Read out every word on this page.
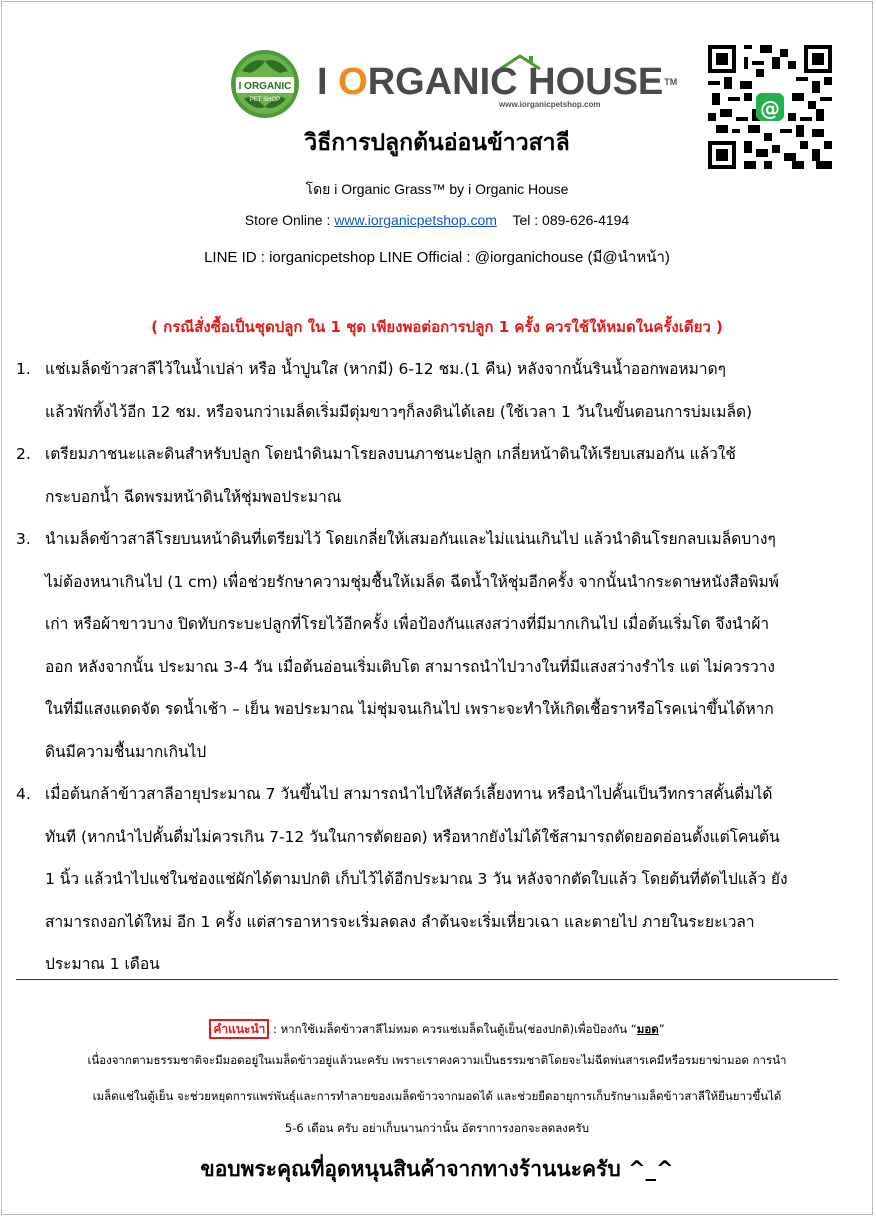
I ORGANIC
PET SHOP I ORGANIC HOUSE™
www.iorganicpetshop.com	@
วิธีการปลูกต้นอ่อนข้าวสาลี
โดย i Organic Grass™ by i Organic House
Store Online : www.iorganicpetshop.com Tel : 089-626-4194
LINE ID : iorganicpetshop LINE Official : @iorganichouse (มี@นำหน้า)
( กรณีสั่งซื้อเป็นชุดปลูก ใน 1 ชุด เพียงพอต่อการปลูก 1 ครั้ง ควรใช้ให้หมดในครั้งเดียว )
1. แช่เมล็ดข้าวสาลีไว้ในน้ำเปล่า หรือ น้ำปูนใส (หากมี) 6-12 ชม.(1 คืน) หลังจากนั้นรินน้ำออกพอหมาดๆ
แล้วพักทิ้งไว้อีก 12 ชม. หรือจนกว่าเมล็ดเริ่มมีตุ่มขาวๆก็ลงดินได้เลย (ใช้เวลา 1 วันในขั้นตอนการบ่มเมล็ด)
2. เตรียมภาชนะและดินสำหรับปลูก โดยนำดินมาโรยลงบนภาชนะปลูก เกลี่ยหน้าดินให้เรียบเสมอกัน แล้วใช้
กระบอกน้ำ ฉีดพรมหน้าดินให้ชุ่มพอประมาณ
3. นำเมล็ดข้าวสาลีโรยบนหน้าดินที่เตรียมไว้ โดยเกลี่ยให้เสมอกันและไม่แน่นเกินไป แล้วนำดินโรยกลบเมล็ดบางๆ
ไม่ต้องหนาเกินไป (1 cm) เพื่อช่วยรักษาความชุ่มชื้นให้เมล็ด ฉีดน้ำให้ชุ่มอีกครั้ง จากนั้นนำกระดาษหนังสือพิมพ์
เก่า หรือผ้าขาวบาง ปิดทับกระบะปลูกที่โรยไว้อีกครั้ง เพื่อป้องกันแสงสว่างที่มีมากเกินไป เมื่อต้นเริ่มโต จึงนำผ้า
ออก หลังจากนั้น ประมาณ 3-4 วัน เมื่อต้นอ่อนเริ่มเติบโต สามารถนำไปวางในที่มีแสงสว่างรำไร แต่ ไม่ควรวาง
ในที่มีแสงแดดจัด รดน้ำเช้า – เย็น พอประมาณ ไม่ชุ่มจนเกินไป เพราะจะทำให้เกิดเชื้อราหรือโรคเน่าขึ้นได้หาก
ดินมีความชื้นมากเกินไป
4. เมื่อต้นกล้าข้าวสาลีอายุประมาณ 7 วันขึ้นไป สามารถนำไปให้สัตว์เลี้ยงทาน หรือนำไปคั้นเป็นวีทกราสคั้นดื่มได้
ทันที (หากนำไปคั้นดื่มไม่ควรเกิน 7-12 วันในการตัดยอด) หรือหากยังไม่ได้ใช้สามารถตัดยอดอ่อนตั้งแต่โคนต้น
1 นิ้ว แล้วนำไปแช่ในช่องแช่ผักได้ตามปกติ เก็บไว้ได้อีกประมาณ 3 วัน หลังจากตัดใบแล้ว โดยต้นที่ตัดไปแล้ว ยัง
สามารถงอกได้ใหม่ อีก 1 ครั้ง แต่สารอาหารจะเริ่มลดลง ลำต้นจะเริ่มเหี่ยวเฉา และตายไป ภายในระยะเวลา
ประมาณ 1 เดือน
คำแนะนำ : หากใช้เมล็ดข้าวสาลีไม่หมด ควรแช่เมล็ดในตู้เย็น(ช่องปกติ)เพื่อป้องกัน “มอด”
เนื่องจากตามธรรมชาติจะมีมอดอยู่ในเมล็ดข้าวอยู่แล้วนะครับ เพราะเราคงความเป็นธรรมชาติโดยจะไม่ฉีดพ่นสารเคมีหรือรมยาฆ่ามอด การนำ
เมล็ดแช่ในตู้เย็น จะช่วยหยุดการแพร่พันธุ์และการทำลายของเมล็ดข้าวจากมอดได้ และช่วยยืดอายุการเก็บรักษาเมล็ดข้าวสาลีให้ยืนยาวขึ้นได้
5-6 เดือน ครับ อย่าเก็บนานกว่านั้น อัตราการงอกจะลดลงครับ
ขอบพระคุณที่อุดหนุนสินค้าจากทางร้านนะครับ ^_^
